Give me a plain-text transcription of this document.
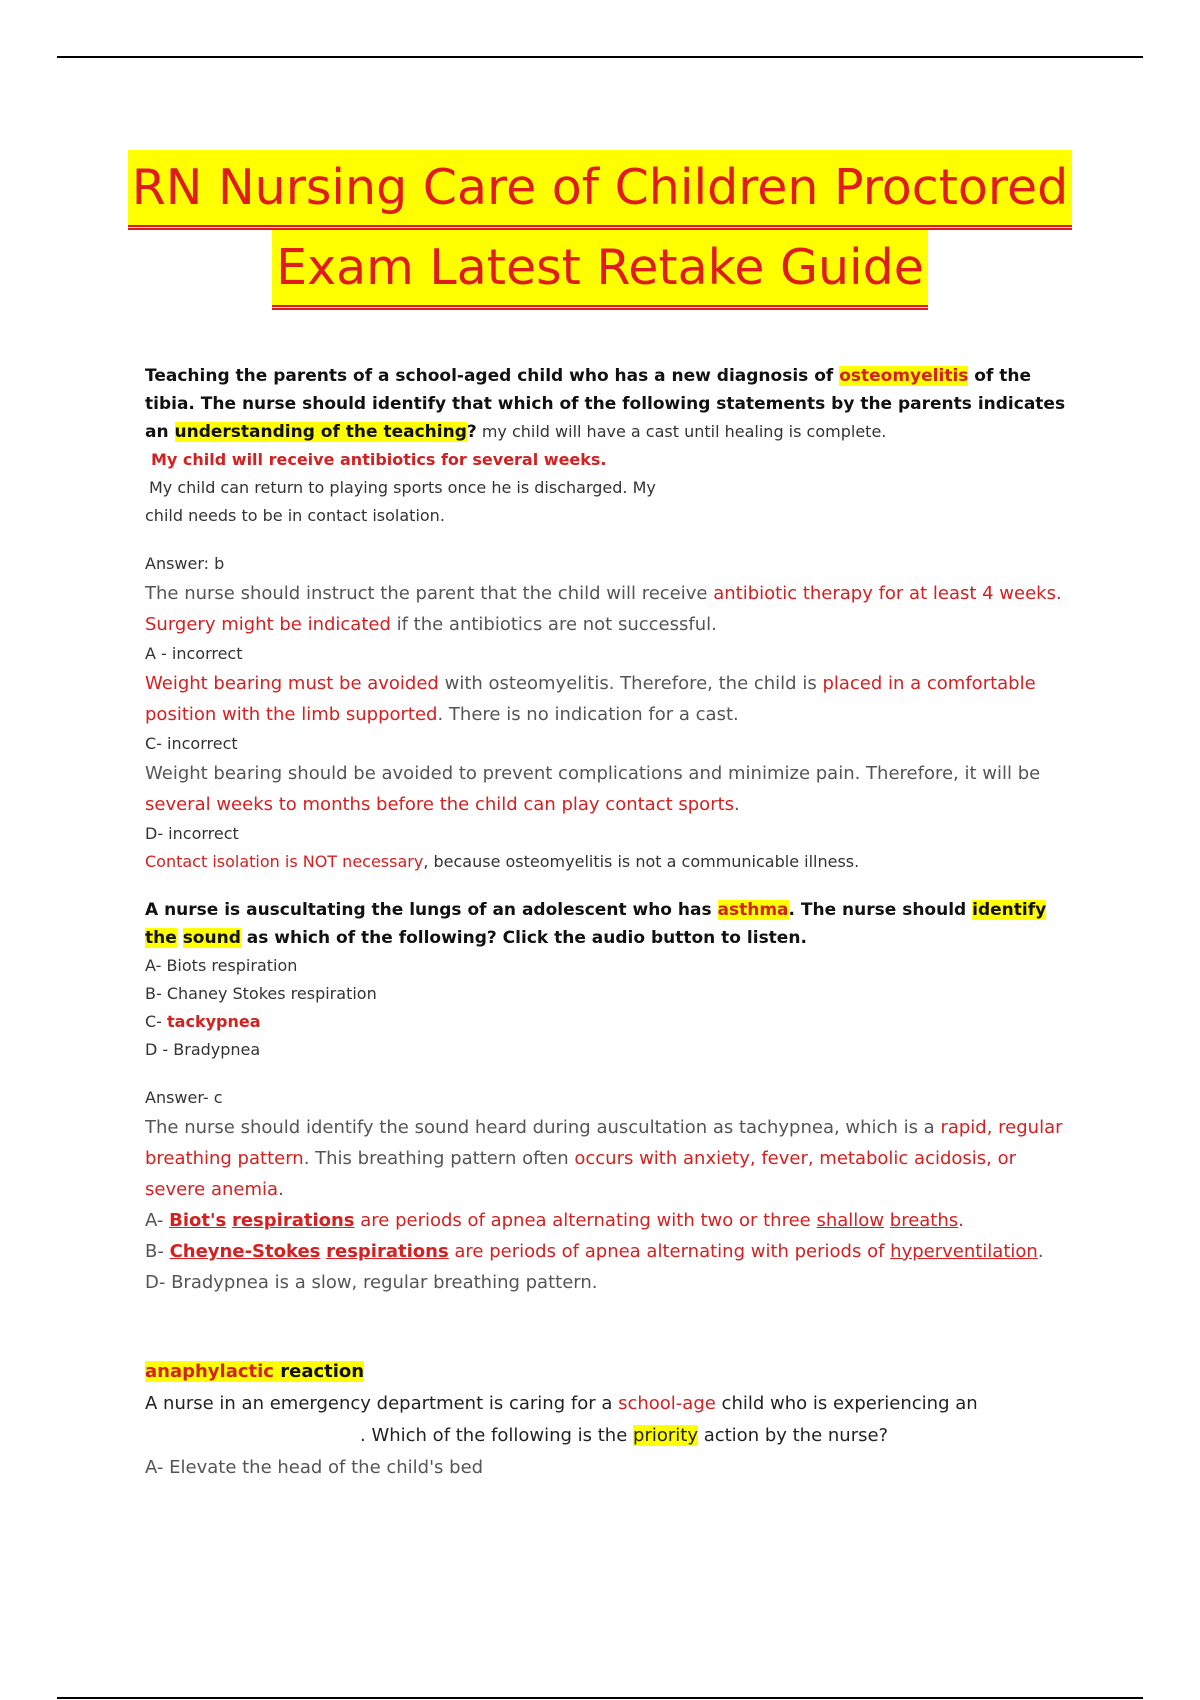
RN Nursing Care of Children Proctored
Exam Latest Retake Guide
Teaching the parents of a school-aged child who has a new diagnosis of osteomyelitis of the tibia. The nurse should identify that which of the following statements by the parents indicates an understanding of the teaching? my child will have a cast until healing is complete.
My child will receive antibiotics for several weeks.
My child can return to playing sports once he is discharged. My
child needs to be in contact isolation.
Answer: b
The nurse should instruct the parent that the child will receive antibiotic therapy for at least 4 weeks. Surgery might be indicated if the antibiotics are not successful.
A - incorrect
Weight bearing must be avoided with osteomyelitis. Therefore, the child is placed in a comfortable position with the limb supported. There is no indication for a cast.
C- incorrect
Weight bearing should be avoided to prevent complications and minimize pain. Therefore, it will be several weeks to months before the child can play contact sports.
D- incorrect
Contact isolation is NOT necessary, because osteomyelitis is not a communicable illness.
A nurse is auscultating the lungs of an adolescent who has asthma. The nurse should identify the sound as which of the following? Click the audio button to listen.
A- Biots respiration
B- Chaney Stokes respiration
C- tackypnea
D - Bradypnea
Answer- c
The nurse should identify the sound heard during auscultation as tachypnea, which is a rapid, regular breathing pattern. This breathing pattern often occurs with anxiety, fever, metabolic acidosis, or severe anemia.
A- Biot's respirations are periods of apnea alternating with two or three shallow breaths.
B- Cheyne-Stokes respirations are periods of apnea alternating with periods of hyperventilation.
D- Bradypnea is a slow, regular breathing pattern.
anaphylactic reaction
A nurse in an emergency department is caring for a school-age child who is experiencing an
. Which of the following is the priority action by the nurse?
A- Elevate the head of the child's bed
